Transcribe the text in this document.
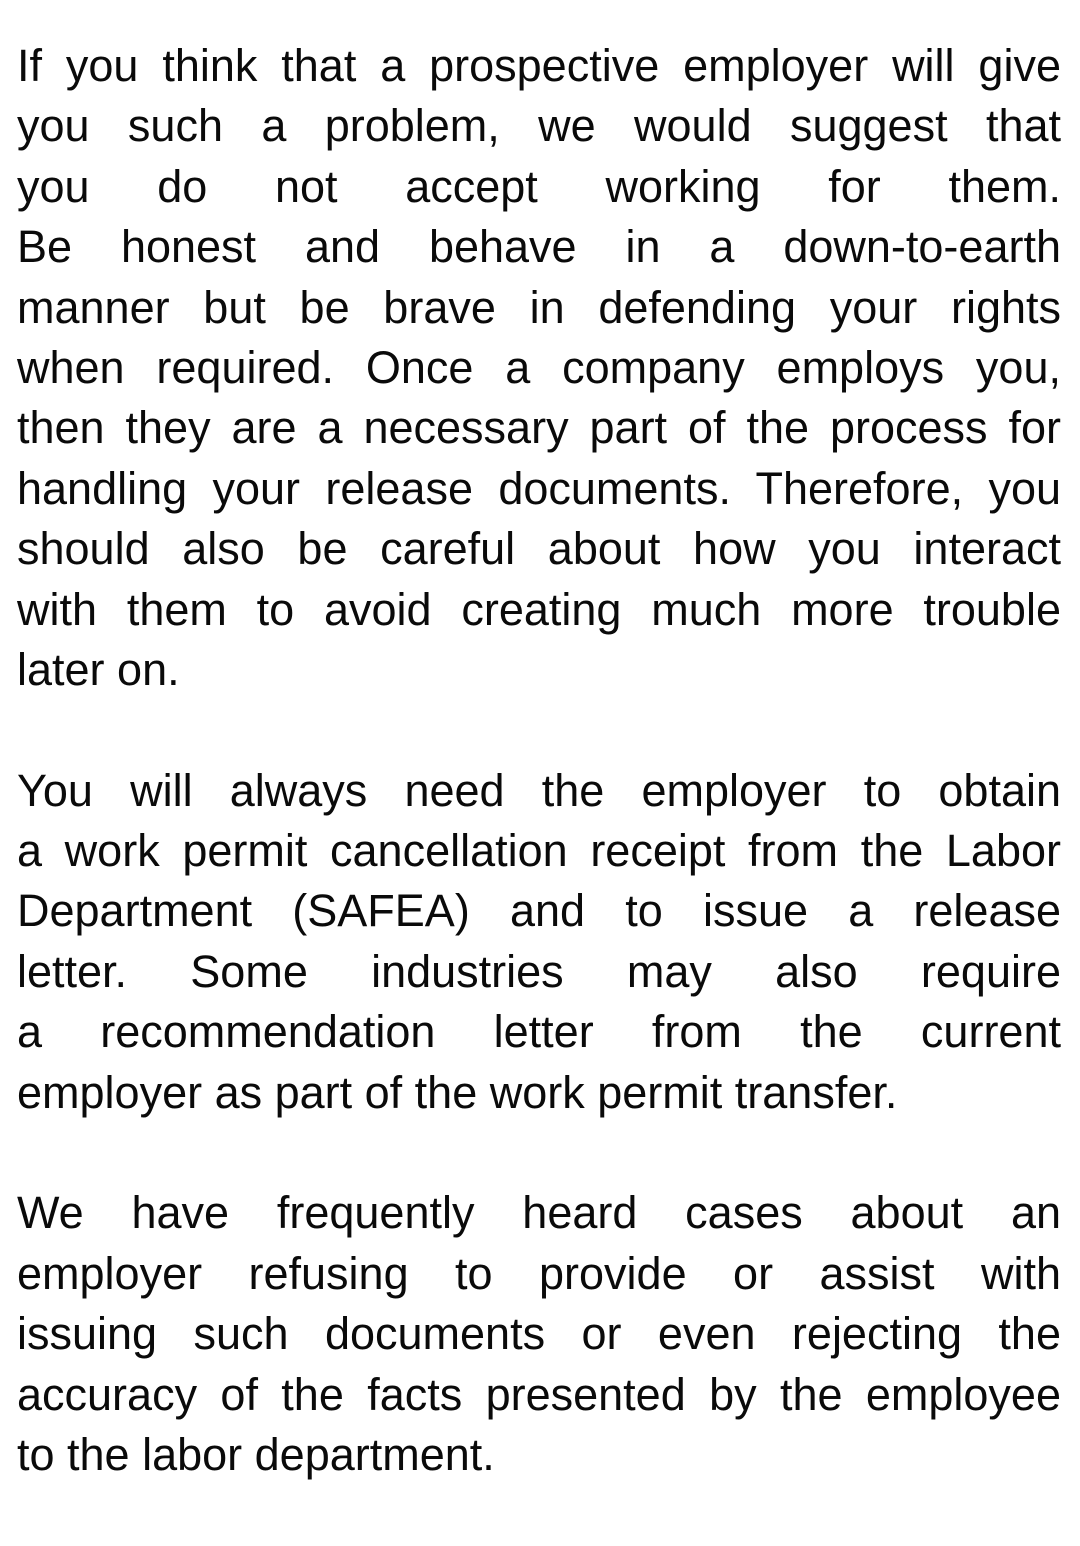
If you think that a prospective employer will give
you such a problem, we would suggest that
you do not accept working for them.
Be honest and behave in a down-to-earth
manner but be brave in defending your rights
when required. Once a company employs you,
then they are a necessary part of the process for
handling your release documents. Therefore, you
should also be careful about how you interact
with them to avoid creating much more trouble
later on.
You will always need the employer to obtain
a work permit cancellation receipt from the Labor
Department (SAFEA) and to issue a release
letter. Some industries may also require
a recommendation letter from the current
employer as part of the work permit transfer.
We have frequently heard cases about an
employer refusing to provide or assist with
issuing such documents or even rejecting the
accuracy of the facts presented by the employee
to the labor department.
